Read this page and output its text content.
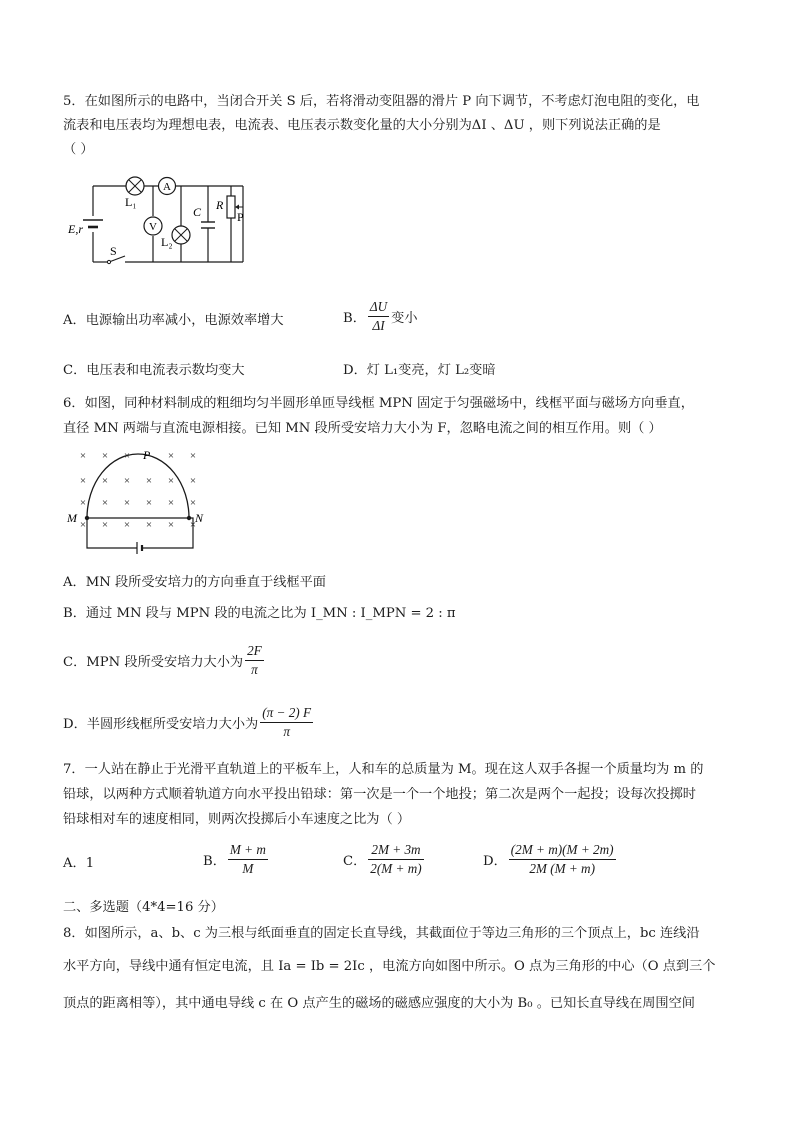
5．在如图所示的电路中，当闭合开关 S 后，若将滑动变阻器的滑片 P 向下调节，不考虑灯泡电阻的变化，电
流表和电压表均为理想电表，电流表、电压表示数变化量的大小分别为ΔI 、ΔU ，则下列说法正确的是
（ ）
A
V
L₁
L₂
E,r
S
C R
P
A．电源输出功率减小，电源效率增大	B． $\frac{\Delta U}{\Delta I}$ 变小
C．电压表和电流表示数均变大	D．灯 L₁变亮，灯 L₂变暗
6．如图，同种材料制成的粗细均匀半圆形单匝导线框 MPN 固定于匀强磁场中，线框平面与磁场方向垂直，
直径 MN 两端与直流电源相接。已知 MN 段所受安培力大小为 F，忽略电流之间的相互作用。则（ ）
× × ×	× ×
× × × × × ×
× × × × × ×
× × × × × ×
M	N
P
A．MN 段所受安培力的方向垂直于线框平面
B．通过 MN 段与 MPN 段的电流之比为 I_MN : I_MPN = 2 : π
C．MPN 段所受安培力大小为 $\frac{2F}{\pi}$
D．半圆形线框所受安培力大小为 $\frac{(\pi - 2) F}{\pi}$
7．一人站在静止于光滑平直轨道上的平板车上，人和车的总质量为 M。现在这人双手各握一个质量均为 m 的
铅球，以两种方式顺着轨道方向水平投出铅球：第一次是一个一个地投；第二次是两个一起投；设每次投掷时
铅球相对车的速度相同，则两次投掷后小车速度之比为（ ）
A．1	B． $\frac{M + m}{M}$	C． $\frac{2M + 3m}{2(M + m)}$	D． $\frac{(2M + m)(M + 2m)}{2M (M + m)}$
二、多选题（4*4=16 分）
8．如图所示，a、b、c 为三根与纸面垂直的固定长直导线，其截面位于等边三角形的三个顶点上，bc 连线沿
水平方向，导线中通有恒定电流，且 Ia = Ib = 2Ic ，电流方向如图中所示。O 点为三角形的中心（O 点到三个
顶点的距离相等），其中通电导线 c 在 O 点产生的磁场的磁感应强度的大小为 B₀ 。已知长直导线在周围空间
